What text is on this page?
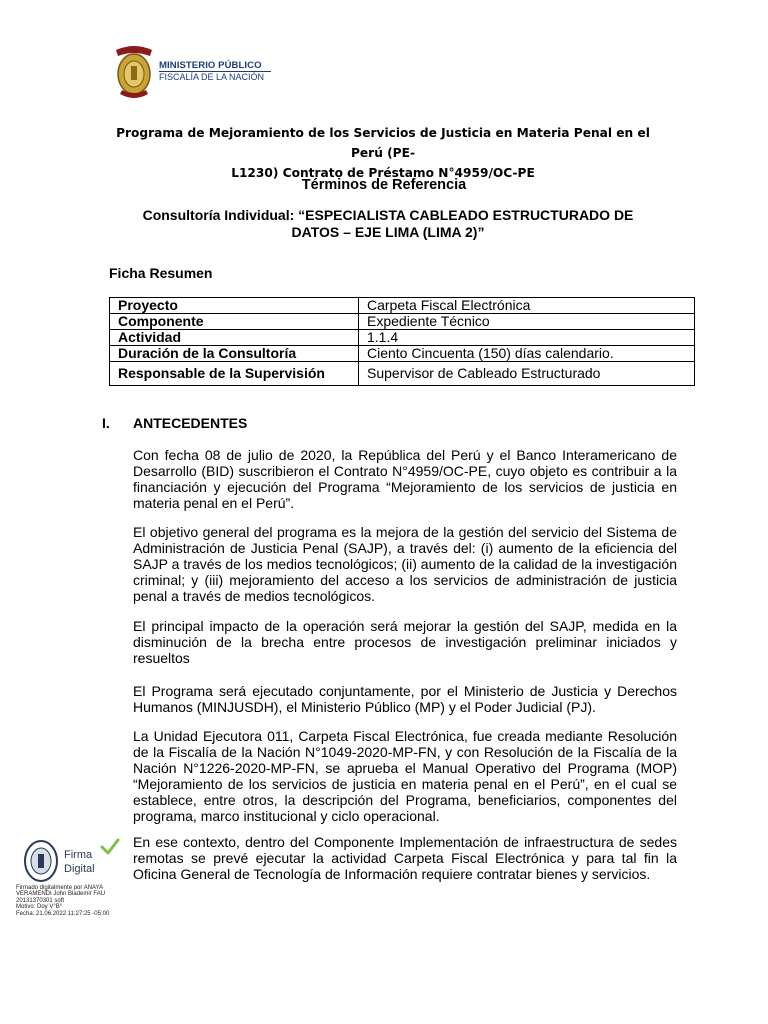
MINISTERIO PÚBLICO
FISCALÍA DE LA NACIÓN
Programa de Mejoramiento de los Servicios de Justicia en Materia Penal en el Perú (PE-
L1230) Contrato de Préstamo N°4959/OC-PE
Términos de Referencia
Consultoría Individual: “ESPECIALISTA CABLEADO ESTRUCTURADO DE
DATOS – EJE LIMA (LIMA 2)”
Ficha Resumen
Proyecto	Carpeta Fiscal Electrónica
Componente	Expediente Técnico
Actividad	1.1.4
Duración de la Consultoría	Ciento Cincuenta (150) días calendario.
Responsable de la Supervisión	Supervisor de Cableado Estructurado
I. ANTECEDENTES
Con fecha 08 de julio de 2020, la República del Perú y el Banco Interamericano de Desarrollo (BID) suscribieron el Contrato N°4959/OC-PE, cuyo objeto es contribuir a la financiación y ejecución del Programa “Mejoramiento de los servicios de justicia en materia penal en el Perú”.
El objetivo general del programa es la mejora de la gestión del servicio del Sistema de Administración de Justicia Penal (SAJP), a través del: (i) aumento de la eficiencia del SAJP a través de los medios tecnológicos; (ii) aumento de la calidad de la investigación criminal; y (iii) mejoramiento del acceso a los servicios de administración de justicia penal a través de medios tecnológicos.
El principal impacto de la operación será mejorar la gestión del SAJP, medida en la disminución de la brecha entre procesos de investigación preliminar iniciados y resueltos
El Programa será ejecutado conjuntamente, por el Ministerio de Justicia y Derechos Humanos (MINJUSDH), el Ministerio Público (MP) y el Poder Judicial (PJ).
La Unidad Ejecutora 011, Carpeta Fiscal Electrónica, fue creada mediante Resolución de la Fiscalía de la Nación N°1049-2020-MP-FN, y con Resolución de la Fiscalía de la Nación N°1226-2020-MP-FN, se aprueba el Manual Operativo del Programa (MOP) “Mejoramiento de los servicios de justicia en materia penal en el Perú”, en el cual se establece, entre otros, la descripción del Programa, beneficiarios, componentes del programa, marco institucional y ciclo operacional.
En ese contexto, dentro del Componente Implementación de infraestructura de sedes remotas se prevé ejecutar la actividad Carpeta Fiscal Electrónica y para tal fin la Oficina General de Tecnología de Información requiere contratar bienes y servicios.
Firma
Digital
Firmado digitalmente por ANAYA
VERAMENDI John Blademir FAU
20131370301 soft
Motivo: Doy V°B°
Fecha: 21.06.2022 11:27:25 -05:00
